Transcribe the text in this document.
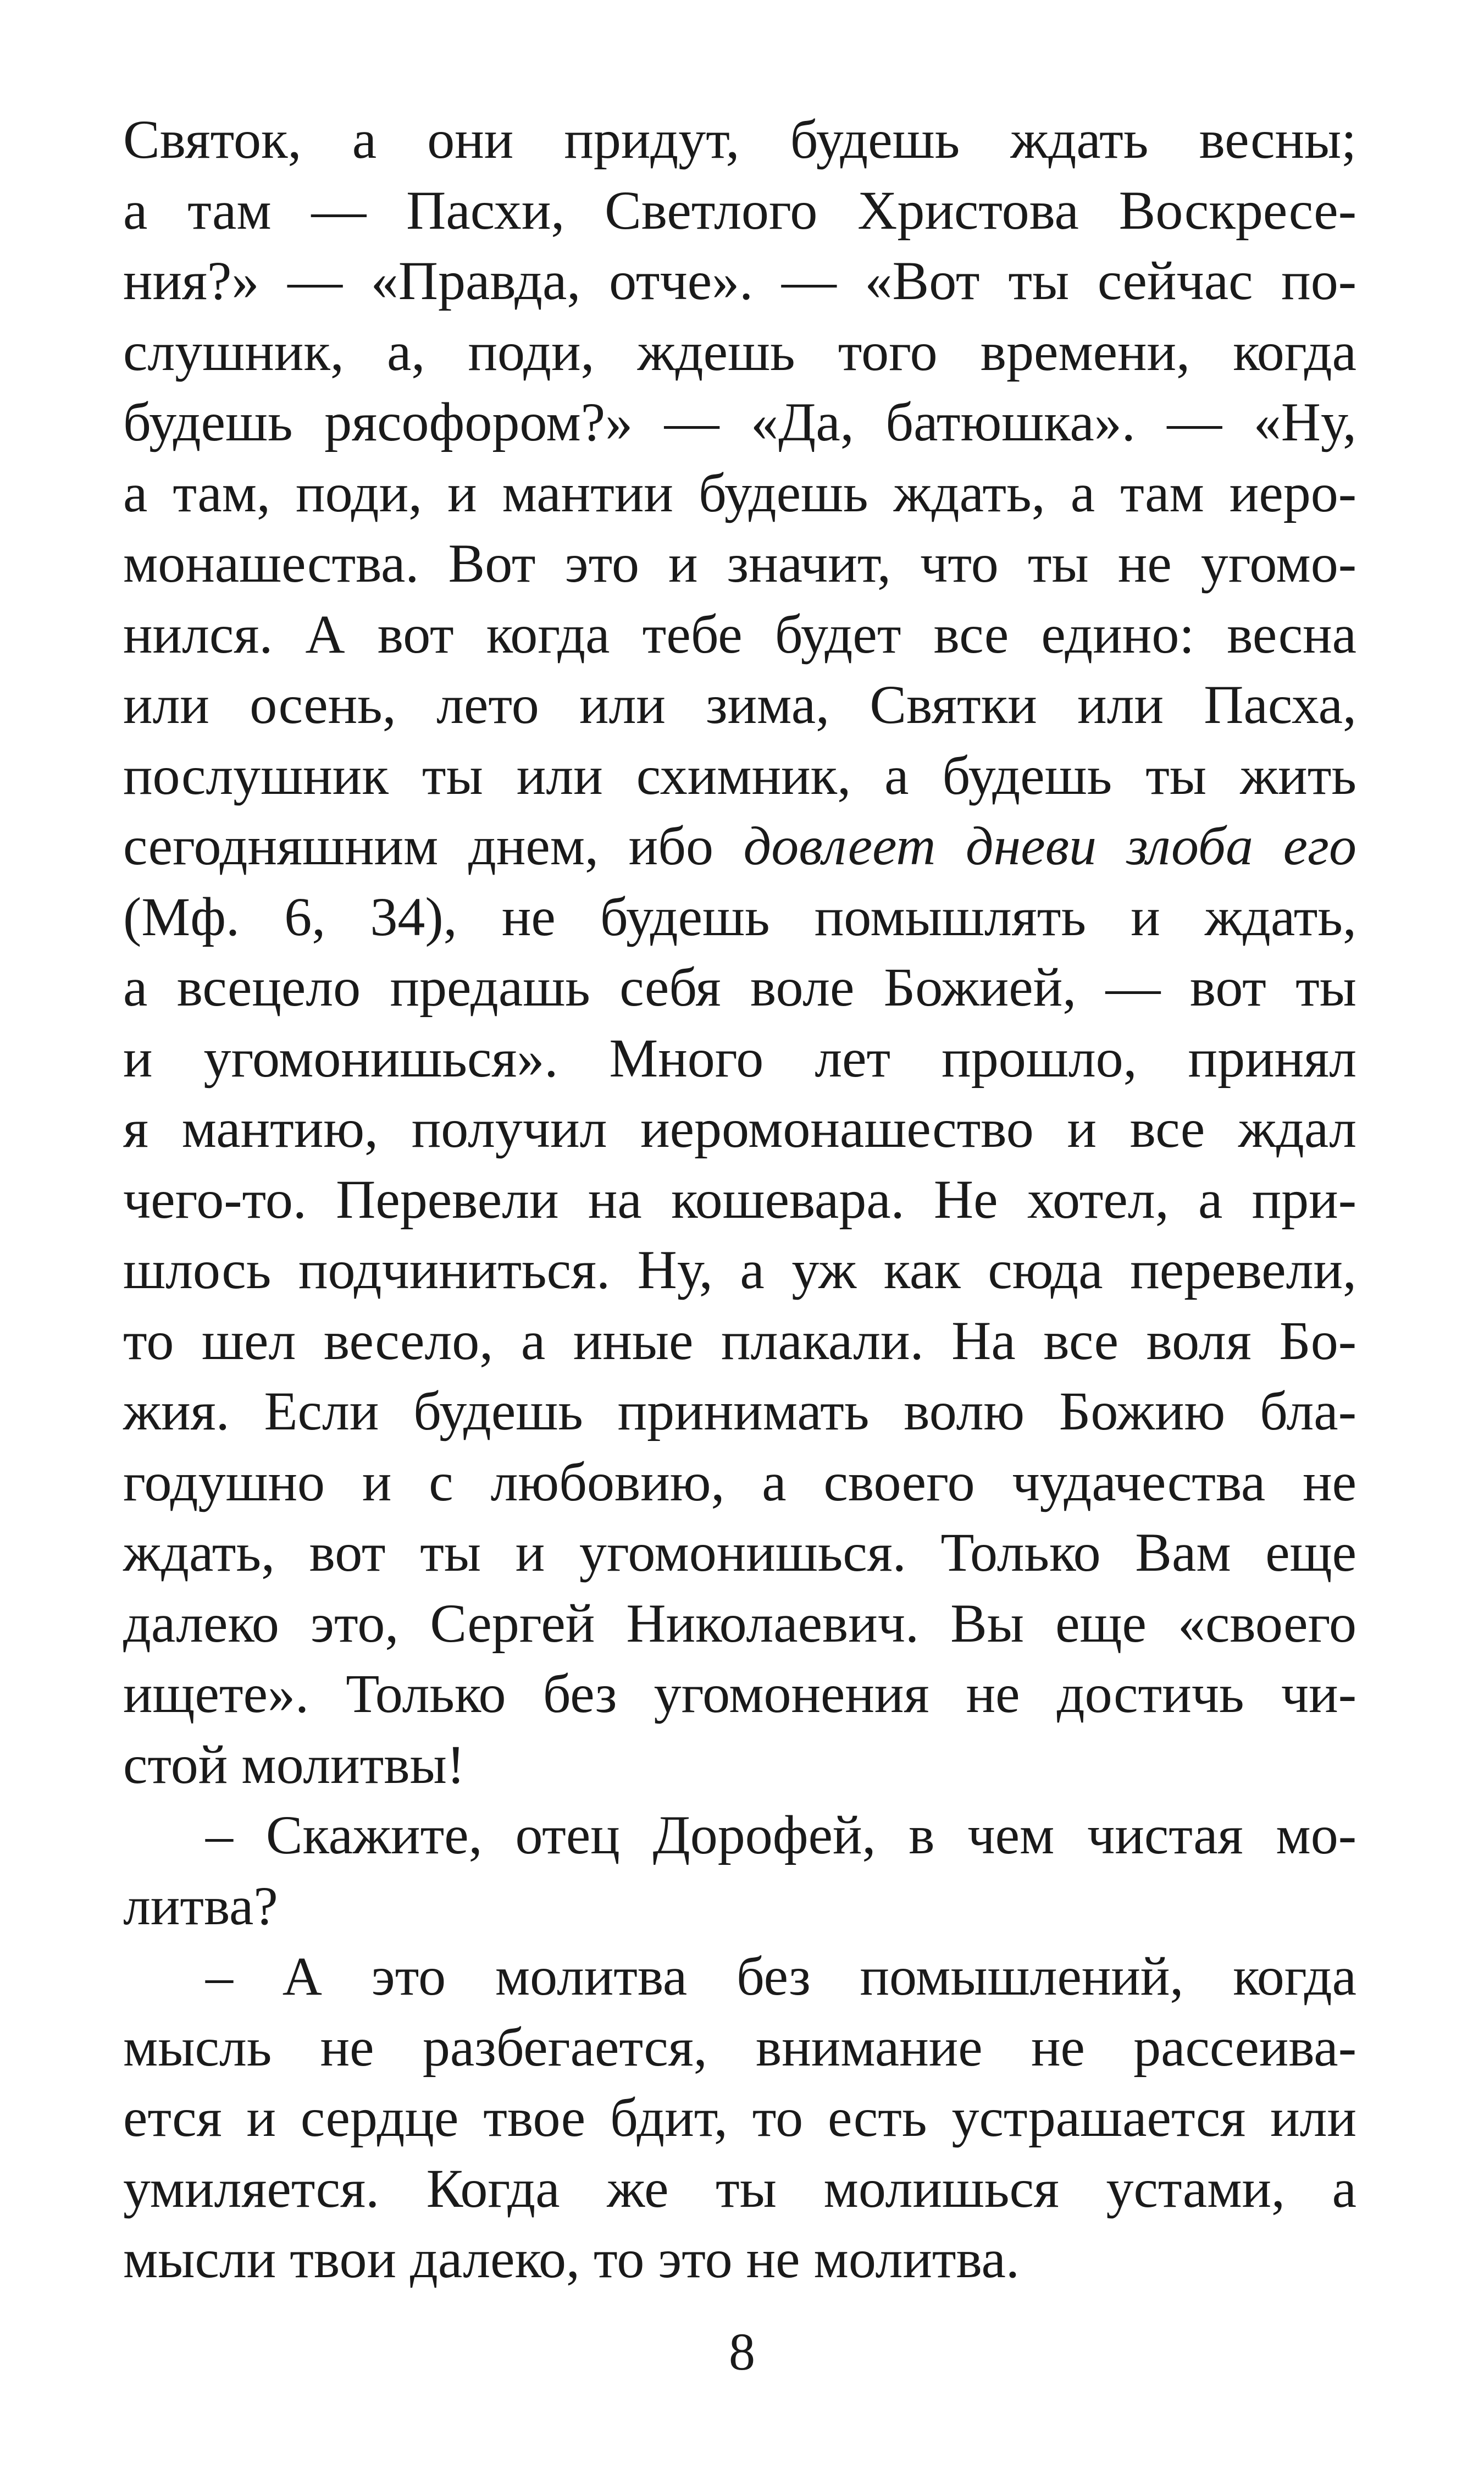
Святок, а они придут, будешь ждать весны;
а там — Пасхи, Светлого Христова Воскресе-
ния?» — «Правда, отче». — «Вот ты сейчас по-
слушник, а, поди, ждешь того времени, когда
будешь рясофором?» — «Да, батюшка». — «Ну,
а там, поди, и мантии будешь ждать, а там иеро-
монашества. Вот это и значит, что ты не угомо-
нился. А вот когда тебе будет все едино: весна
или осень, лето или зима, Святки или Пасха,
послушник ты или схимник, а будешь ты жить
сегодняшним днем, ибо довлеет дневи злоба его
(Мф. 6, 34), не будешь помышлять и ждать,
а всецело предашь себя воле Божией, — вот ты
и угомонишься». Много лет прошло, принял
я мантию, получил иеромонашество и все ждал
чего-то. Перевели на кошевара. Не хотел, а при-
шлось подчиниться. Ну, а уж как сюда перевели,
то шел весело, а иные плакали. На все воля Бо-
жия. Если будешь принимать волю Божию бла-
годушно и с любовию, а своего чудачества не
ждать, вот ты и угомонишься. Только Вам еще
далеко это, Сергей Николаевич. Вы еще «своего
ищете». Только без угомонения не достичь чи-
стой молитвы!
– Скажите, отец Дорофей, в чем чистая мо-
литва?
– А это молитва без помышлений, когда
мысль не разбегается, внимание не рассеива-
ется и сердце твое бдит, то есть устрашается или
умиляется. Когда же ты молишься устами, а
мысли твои далеко, то это не молитва.
8
